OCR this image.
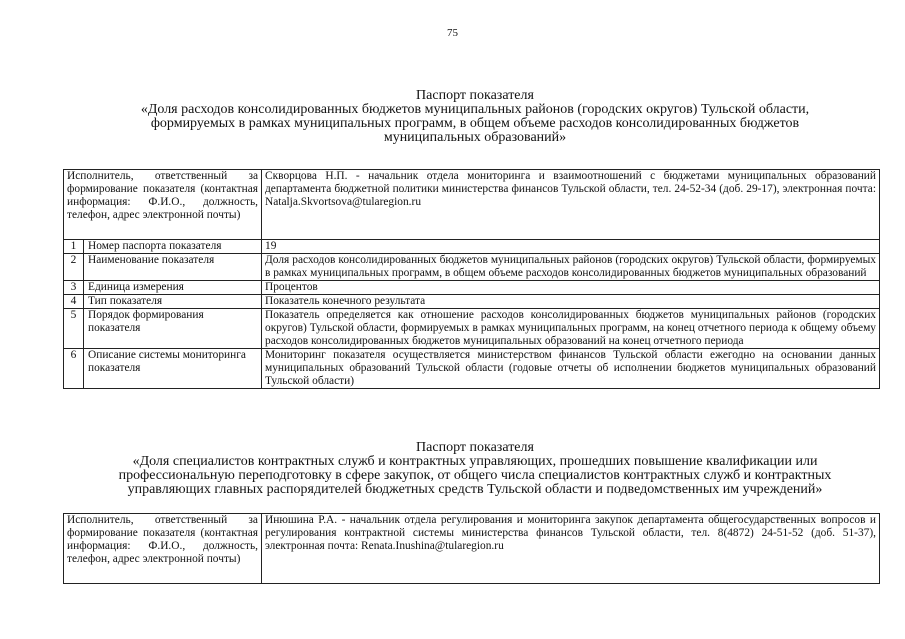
75
Паспорт показателя
«Доля расходов консолидированных бюджетов муниципальных районов (городских округов) Тульской области,
формируемых в рамках муниципальных программ, в общем объеме расходов консолидированных бюджетов
муниципальных образований»
Исполнитель, ответственный за формирование показателя (контактная информация: Ф.И.О., должность, телефон, адрес электронной почты)		Скворцова Н.П. - начальник отдела мониторинга и взаимоотношений с бюджетами муниципальных образований департамента бюджетной политики министерства финансов Тульской области, тел. 24-52-34 (доб. 29-17), электронная почта: Natalja.Skvortsova@tularegion.ru
1	Номер паспорта показателя	19
2	Наименование показателя	Доля расходов консолидированных бюджетов муниципальных районов (городских округов) Тульской области, формируемых в рамках муниципальных программ, в общем объеме расходов консолидированных бюджетов муниципальных образований
3	Единица измерения	Процентов
4	Тип показателя	Показатель конечного результата
5	Порядок формирования показателя	Показатель определяется как отношение расходов консолидированных бюджетов муниципальных районов (городских округов) Тульской области, формируемых в рамках муниципальных программ, на конец отчетного периода к общему объему расходов консолидированных бюджетов муниципальных образований на конец отчетного периода
6	Описание системы мониторинга показателя	Мониторинг показателя осуществляется министерством финансов Тульской области ежегодно на основании данных муниципальных образований Тульской области (годовые отчеты об исполнении бюджетов муниципальных образований Тульской области)
Паспорт показателя
«Доля специалистов контрактных служб и контрактных управляющих, прошедших повышение квалификации или
профессиональную переподготовку в сфере закупок, от общего числа специалистов контрактных служб и контрактных
управляющих главных распорядителей бюджетных средств Тульской области и подведомственных им учреждений»
Исполнитель, ответственный за формирование показателя (контактная информация: Ф.И.О., должность, телефон, адрес электронной почты)	Инюшина Р.А. - начальник отдела регулирования и мониторинга закупок департамента общегосударственных вопросов и регулирования контрактной системы министерства финансов Тульской области, тел. 8(4872) 24-51-52 (доб. 51-37), электронная почта: Renata.Inushina@tularegion.ru
